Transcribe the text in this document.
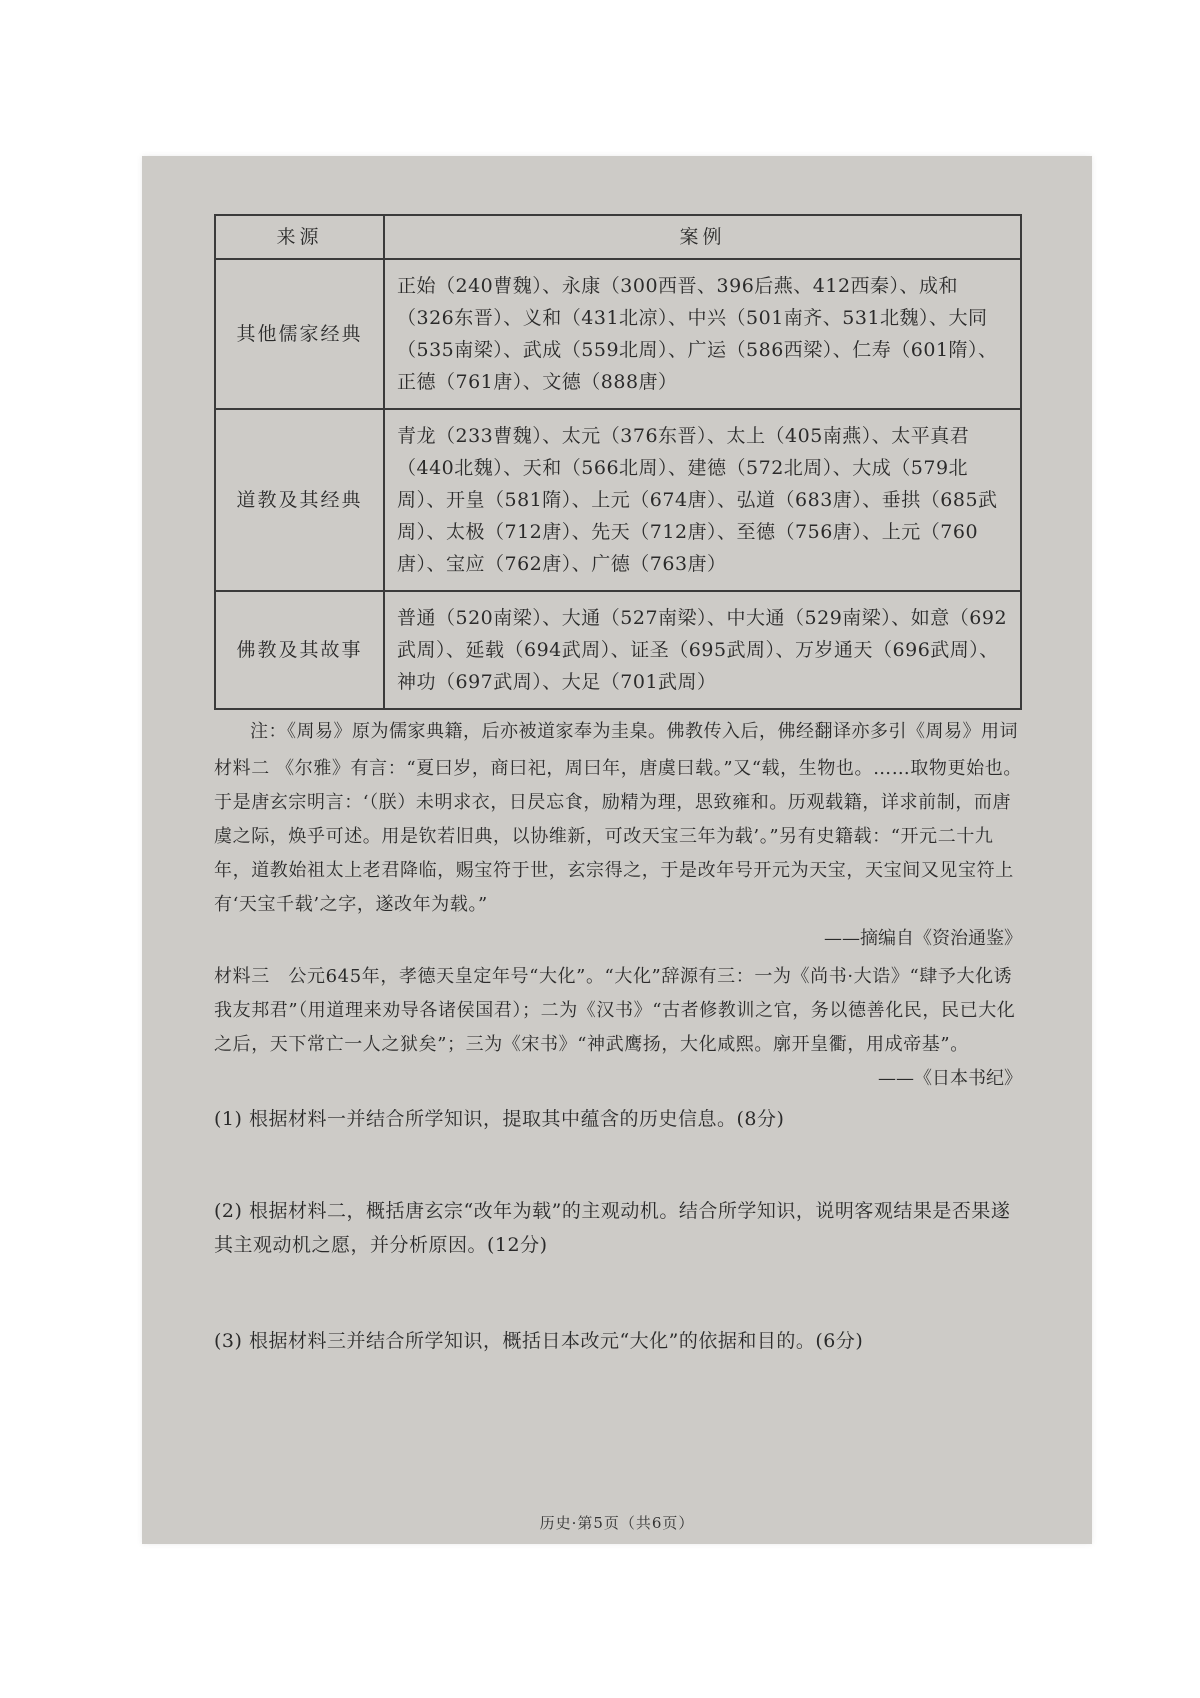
来源	案例
其他儒家经典	正始（240曹魏）、永康（300西晋、396后燕、412西秦）、成和（326东晋）、义和（431北凉）、中兴（501南齐、531北魏）、大同（535南梁）、武成（559北周）、广运（586西梁）、仁寿（601隋）、正德（761唐）、文德（888唐）
道教及其经典	青龙（233曹魏）、太元（376东晋）、太上（405南燕）、太平真君（440北魏）、天和（566北周）、建德（572北周）、大成（579北周）、开皇（581隋）、上元（674唐）、弘道（683唐）、垂拱（685武周）、太极（712唐）、先天（712唐）、至德（756唐）、上元（760唐）、宝应（762唐）、广德（763唐）
佛教及其故事	普通（520南梁）、大通（527南梁）、中大通（529南梁）、如意（692武周）、延载（694武周）、证圣（695武周）、万岁通天（696武周）、神功（697武周）、大足（701武周）
注：《周易》原为儒家典籍，后亦被道家奉为圭臬。佛教传入后，佛经翻译亦多引《周易》用词
材料二 《尔雅》有言：“夏曰岁，商曰祀，周曰年，唐虞曰载。”又“载，生物也。……取物更始也。于是唐玄宗明言：‘（朕）未明求衣，日昃忘食，励精为理，思致雍和。历观载籍，详求前制，而唐虞之际，焕乎可述。用是钦若旧典，以协维新，可改天宝三年为载’。”另有史籍载：“开元二十九年，道教始祖太上老君降临，赐宝符于世，玄宗得之，于是改年号开元为天宝，天宝间又见宝符上有‘天宝千载’之字，遂改年为载。”
——摘编自《资治通鉴》
材料三　公元645年，孝德天皇定年号“大化”。“大化”辞源有三：一为《尚书·大诰》“肆予大化诱我友邦君”（用道理来劝导各诸侯国君）；二为《汉书》“古者修教训之官，务以德善化民，民已大化之后，天下常亡一人之狱矣”；三为《宋书》“神武鹰扬，大化咸熙。廓开皇衢，用成帝基”。
——《日本书纪》
(1) 根据材料一并结合所学知识，提取其中蕴含的历史信息。(8分)
(2) 根据材料二，概括唐玄宗“改年为载”的主观动机。结合所学知识，说明客观结果是否果遂其主观动机之愿，并分析原因。(12分)
(3) 根据材料三并结合所学知识，概括日本改元“大化”的依据和目的。(6分)
历史·第5页（共6页）
